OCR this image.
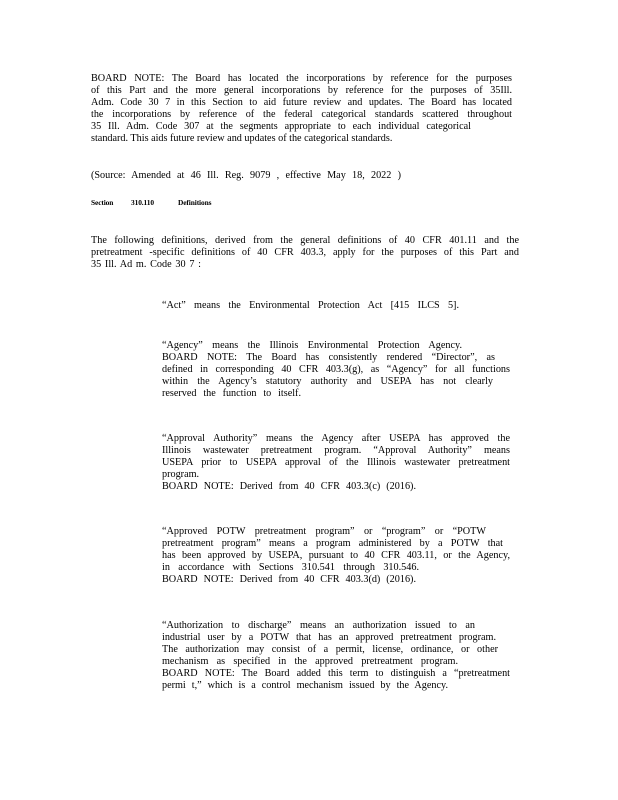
BOARD NOTE: The Board has located the incorporations by reference for the purposes
of this Part and the more general incorporations by reference for the purposes of 35Ill.
Adm. Code 30 7 in this Section to aid future review and updates. The Board has located
the incorporations by reference of the federal categorical standards scattered throughout
35 Ill. Adm. Code 307 at the segments appropriate to each individual categorical
standard. This aids future review and updates of the categorical standards.
(Source: Amended at 46 Ill. Reg. 9079 , effective May 18, 2022 )
Section 310.110	Definitions
The following definitions, derived from the general definitions of 40 CFR 401.11 and the
pretreatment -specific definitions of 40 CFR 403.3, apply for the purposes of this Part and
35 Ill. Ad m. Code 30 7 :
“Act” means the Environmental Protection Act [415 ILCS 5].
“Agency” means the Illinois Environmental Protection Agency.
BOARD NOTE: The Board has consistently rendered “Director”, as
defined in corresponding 40 CFR 403.3(g), as “Agency” for all functions
within the Agency’s statutory authority and USEPA has not clearly
reserved the function to itself.
“Approval Authority” means the Agency after USEPA has approved the
Illinois wastewater pretreatment program. “Approval Authority” means
USEPA prior to USEPA approval of the Illinois wastewater pretreatment
program.
BOARD NOTE: Derived from 40 CFR 403.3(c) (2016).
“Approved POTW pretreatment program” or “program” or “POTW
pretreatment program” means a program administered by a POTW that
has been approved by USEPA, pursuant to 40 CFR 403.11, or the Agency,
in accordance with Sections 310.541 through 310.546.
BOARD NOTE: Derived from 40 CFR 403.3(d) (2016).
“Authorization to discharge” means an authorization issued to an
industrial user by a POTW that has an approved pretreatment program.
The authorization may consist of a permit, license, ordinance, or other
mechanism as specified in the approved pretreatment program.
BOARD NOTE: The Board added this term to distinguish a “pretreatment
permi t,” which is a control mechanism issued by the Agency.
